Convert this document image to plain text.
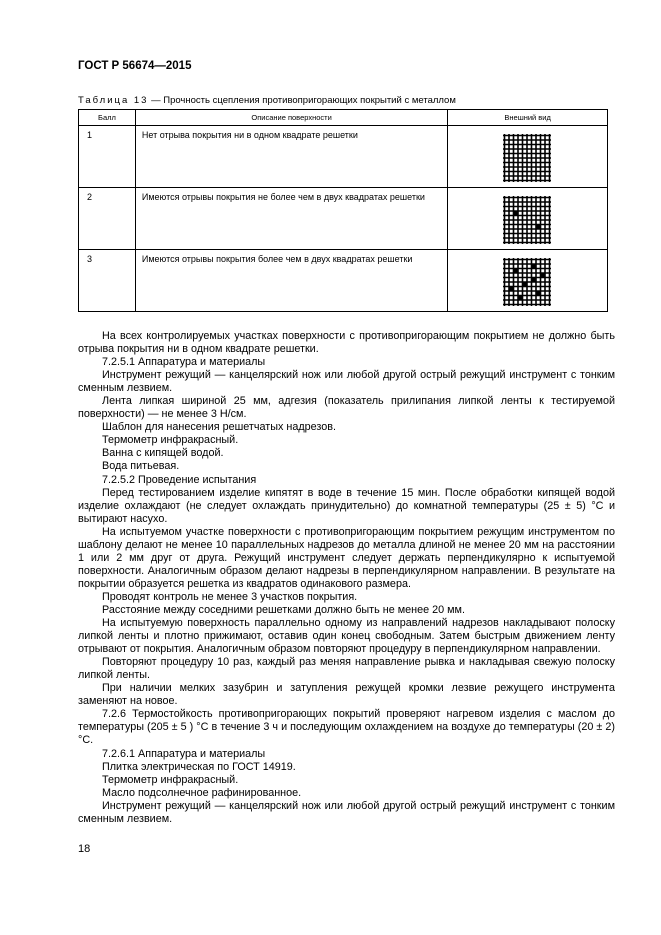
ГОСТ Р 56674—2015
Таблица 13 — Прочность сцепления противопригорающих покрытий с металлом
Балл	Описание поверхности	Внешний вид
1	Нет отрыва покрытия ни в одном квадрате решетки	

2	Имеются отрывы покрытия не более чем в двух квадратах решетки	

3	Имеются отрывы покрытия более чем в двух квадратах решетки	

На всех контролируемых участках поверхности с противопригорающим покрытием не должно быть отрыва покрытия ни в одном квадрате решетки.

7.2.5.1 Аппаратура и материалы

Инструмент режущий — канцелярский нож или любой другой острый режущий инструмент с тонким сменным лезвием.

Лента липкая шириной 25 мм, адгезия (показатель прилипания липкой ленты к тестируемой поверхности) — не менее 3 Н/см.

Шаблон для нанесения решетчатых надрезов.

Термометр инфракрасный.

Ванна с кипящей водой.

Вода питьевая.

7.2.5.2 Проведение испытания

Перед тестированием изделие кипятят в воде в течение 15 мин. После обработки кипящей водой изделие охлаждают (не следует охлаждать принудительно) до комнатной температуры (25 ± 5) °С и вытирают насухо.

На испытуемом участке поверхности с противопригорающим покрытием режущим инструментом по шаблону делают не менее 10 параллельных надрезов до металла длиной не менее 20 мм на расстоянии 1 или 2 мм друг от друга. Режущий инструмент следует держать перпендикулярно к испытуемой поверхности. Аналогичным образом делают надрезы в перпендикулярном направлении. В результате на покрытии образуется решетка из квадратов одинакового размера.

Проводят контроль не менее 3 участков покрытия.

Расстояние между соседними решетками должно быть не менее 20 мм.

На испытуемую поверхность параллельно одному из направлений надрезов накладывают полоску липкой ленты и плотно прижимают, оставив один конец свободным. Затем быстрым движением ленту отрывают от покрытия. Аналогичным образом повторяют процедуру в перпендикулярном направлении.

Повторяют процедуру 10 раз, каждый раз меняя направление рывка и накладывая свежую полоску липкой ленты.

При наличии мелких зазубрин и затупления режущей кромки лезвие режущего инструмента заменяют на новое.

7.2.6 Термостойкость противопригорающих покрытий проверяют нагревом изделия с маслом до температуры (205 ± 5 ) °С в течение 3 ч и последующим охлаждением на воздухе до температуры (20 ± 2) °С.

7.2.6.1 Аппаратура и материалы

Плитка электрическая по ГОСТ 14919.

Термометр инфракрасный.

Масло подсолнечное рафинированное.

Инструмент режущий — канцелярский нож или любой другой острый режущий инструмент с тонким сменным лезвием.

18
